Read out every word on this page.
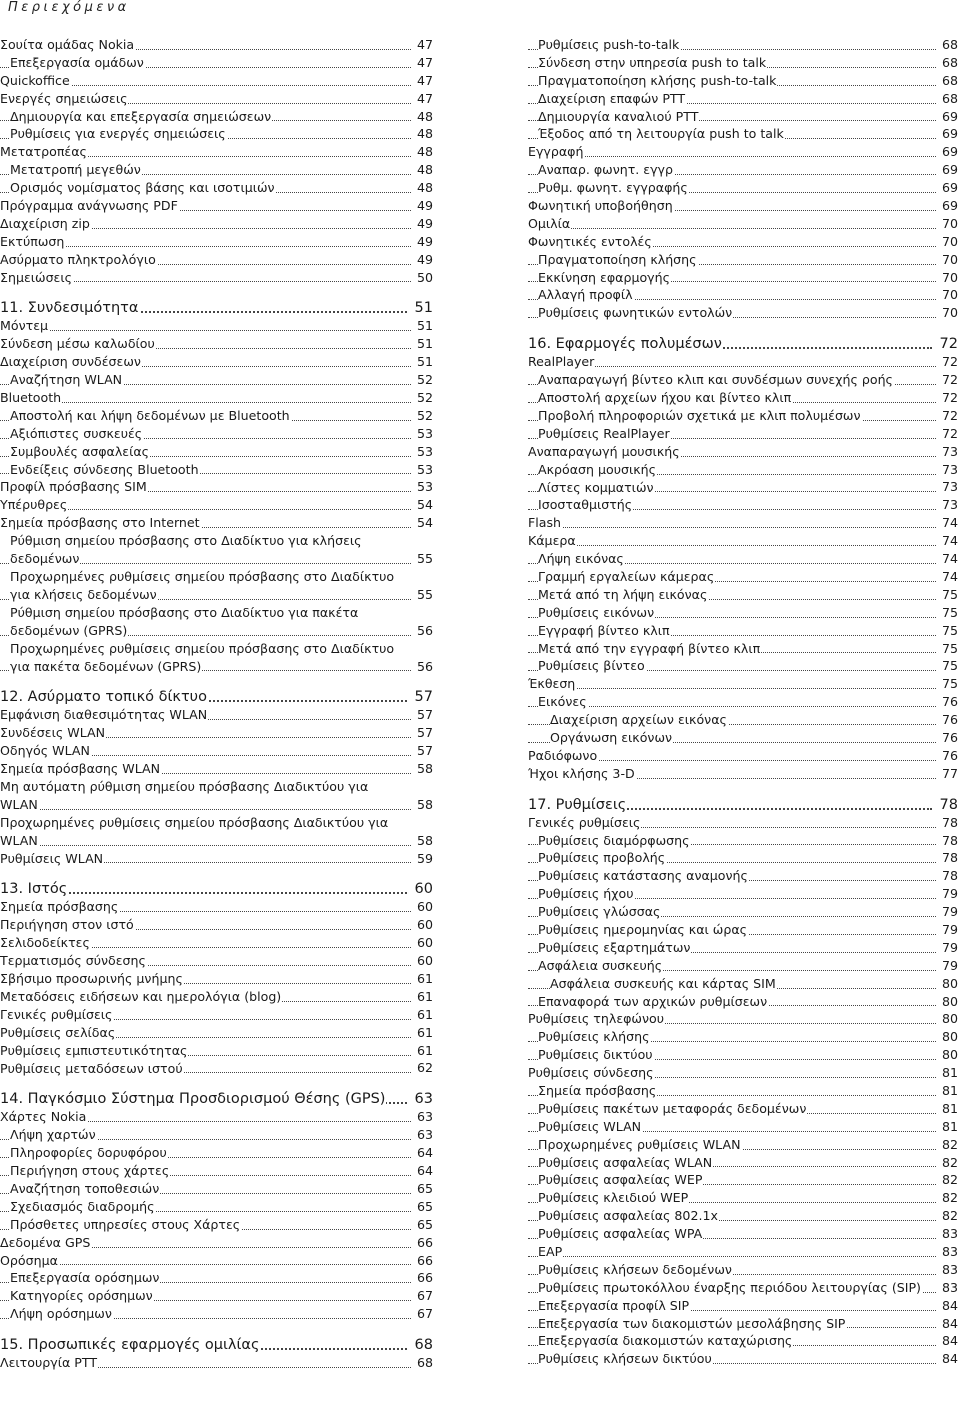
Περιεχόμενα
Σουίτα ομάδας Nokia	47
Επεξεργασία ομάδων	47
Quickoffice	47
Ενεργές σημειώσεις	47
Δημιουργία και επεξεργασία σημειώσεων	48
Ρυθμίσεις για ενεργές σημειώσεις	48
Μετατροπέας	48
Μετατροπή μεγεθών	48
Ορισμός νομίσματος βάσης και ισοτιμιών	48
Πρόγραμμα ανάγνωσης PDF	49
Διαχείριση zip	49
Εκτύπωση	49
Ασύρματο πληκτρολόγιο	49
Σημειώσεις	50
11. Συνδεσιμότητα	51
Μόντεμ	51
Σύνδεση μέσω καλωδίου	51
Διαχείριση συνδέσεων	51
Αναζήτηση WLAN	52
Bluetooth	52
Αποστολή και λήψη δεδομένων με Bluetooth	52
Αξιόπιστες συσκευές	53
Συμβουλές ασφαλείας	53
Ενδείξεις σύνδεσης Bluetooth	53
Προφίλ πρόσβασης SIM	53
Υπέρυθρες	54
Σημεία πρόσβασης στο Internet	54
Ρύθμιση σημείου πρόσβασης στο Διαδίκτυο για κλήσεις δεδομένων	55
Προχωρημένες ρυθμίσεις σημείου πρόσβασης στο Διαδίκτυο για κλήσεις δεδομένων	55
Ρύθμιση σημείου πρόσβασης στο Διαδίκτυο για πακέτα δεδομένων (GPRS)	56
Προχωρημένες ρυθμίσεις σημείου πρόσβασης στο Διαδίκτυο για πακέτα δεδομένων (GPRS)	56
12. Ασύρματο τοπικό δίκτυο	57
Εμφάνιση διαθεσιμότητας WLAN	57
Συνδέσεις WLAN	57
Οδηγός WLAN	57
Σημεία πρόσβασης WLAN	58
Μη αυτόματη ρύθμιση σημείου πρόσβασης Διαδικτύου για WLAN	58
Προχωρημένες ρυθμίσεις σημείου πρόσβασης Διαδικτύου για WLAN	58
Ρυθμίσεις WLAN	59
13. Ιστός	60
Σημεία πρόσβασης	60
Περιήγηση στον ιστό	60
Σελιδοδείκτες	60
Τερματισμός σύνδεσης	60
Σβήσιμο προσωρινής μνήμης	61
Μεταδόσεις ειδήσεων και ημερολόγια (blog)	61
Γενικές ρυθμίσεις	61
Ρυθμίσεις σελίδας	61
Ρυθμίσεις εμπιστευτικότητας	61
Ρυθμίσεις μεταδόσεων ιστού	62
14. Παγκόσμιο Σύστημα Προσδιορισμού Θέσης (GPS) 63
Χάρτες Nokia	63
Λήψη χαρτών	63
Πληροφορίες δορυφόρου	64
Περιήγηση στους χάρτες	64
Αναζήτηση τοποθεσιών	65
Σχεδιασμός διαδρομής	65
Πρόσθετες υπηρεσίες στους Χάρτες	65
Δεδομένα GPS	66
Ορόσημα	66
Επεξεργασία ορόσημων	66
Κατηγορίες ορόσημων	67
Λήψη ορόσημων	67
15. Προσωπικές εφαρμογές ομιλίας	68
Λειτουργία PTT	68
Ρυθμίσεις push-to-talk	68
Σύνδεση στην υπηρεσία push to talk	68
Πραγματοποίηση κλήσης push-to-talk	68
Διαχείριση επαφών PTT	68
Δημιουργία καναλιού PTT	69
Έξοδος από τη λειτουργία push to talk	69
Εγγραφή	69
Αναπαρ. φωνητ. εγγρ	69
Ρυθμ. φωνητ. εγγραφής	69
Φωνητική υποβοήθηση	69
Ομιλία	70
Φωνητικές εντολές	70
Πραγματοποίηση κλήσης	70
Εκκίνηση εφαρμογής	70
Αλλαγή προφίλ	70
Ρυθμίσεις φωνητικών εντολών	70
16. Εφαρμογές πολυμέσων	72
RealPlayer	72
Αναπαραγωγή βίντεο κλιπ και συνδέσμων συνεχής ροής	72
Αποστολή αρχείων ήχου και βίντεο κλιπ	72
Προβολή πληροφοριών σχετικά με κλιπ πολυμέσων	72
Ρυθμίσεις RealPlayer	72
Αναπαραγωγή μουσικής	73
Ακρόαση μουσικής	73
Λίστες κομματιών	73
Ισοσταθμιστής	73
Flash	74
Κάμερα	74
Λήψη εικόνας	74
Γραμμή εργαλείων κάμερας	74
Μετά από τη λήψη εικόνας	75
Ρυθμίσεις εικόνων	75
Εγγραφή βίντεο κλιπ	75
Μετά από την εγγραφή βίντεο κλιπ	75
Ρυθμίσεις βίντεο	75
Έκθεση	75
Εικόνες	76
Διαχείριση αρχείων εικόνας	76
Οργάνωση εικόνων	76
Ραδιόφωνο	76
Ήχοι κλήσης 3-D	77
17. Ρυθμίσεις	78
Γενικές ρυθμίσεις	78
Ρυθμίσεις διαμόρφωσης	78
Ρυθμίσεις προβολής	78
Ρυθμίσεις κατάστασης αναμονής	78
Ρυθμίσεις ήχου	79
Ρυθμίσεις γλώσσας	79
Ρυθμίσεις ημερομηνίας και ώρας	79
Ρυθμίσεις εξαρτημάτων	79
Ασφάλεια συσκευής	79
Ασφάλεια συσκευής και κάρτας SIM	80
Επαναφορά των αρχικών ρυθμίσεων	80
Ρυθμίσεις τηλεφώνου	80
Ρυθμίσεις κλήσης	80
Ρυθμίσεις δικτύου	80
Ρυθμίσεις σύνδεσης	81
Σημεία πρόσβασης	81
Ρυθμίσεις πακέτων μεταφοράς δεδομένων	81
Ρυθμίσεις WLAN	81
Προχωρημένες ρυθμίσεις WLAN	82
Ρυθμίσεις ασφαλείας WLAN	82
Ρυθμίσεις ασφαλείας WEP	82
Ρυθμίσεις κλειδιού WEP	82
Ρυθμίσεις ασφαλείας 802.1x	82
Ρυθμίσεις ασφαλείας WPA	83
EAP	83
Ρυθμίσεις κλήσεων δεδομένων	83
Ρυθμίσεις πρωτοκόλλου έναρξης περιόδου λειτουργίας (SIP) 83
Επεξεργασία προφίλ SIP	84
Επεξεργασία των διακομιστών μεσολάβησης SIP	84
Επεξεργασία διακομιστών καταχώρισης	84
Ρυθμίσεις κλήσεων δικτύου	84
